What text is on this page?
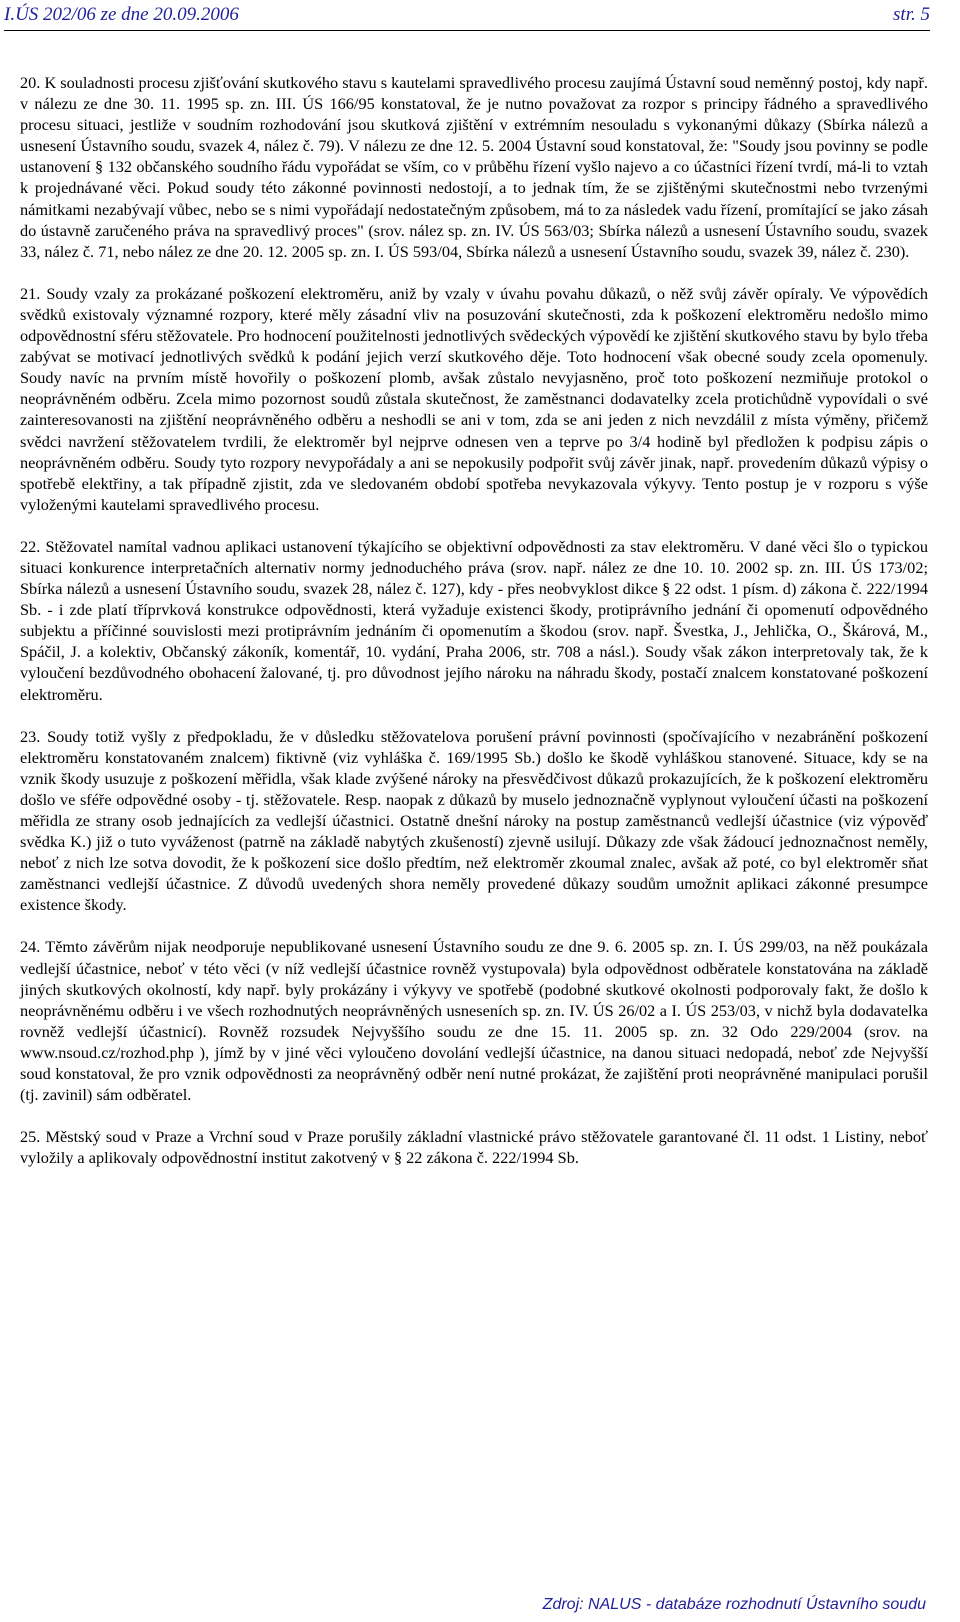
I.ÚS 202/06 ze dne 20.09.2006	str. 5

20. K souladnosti procesu zjišťování skutkového stavu s kautelami spravedlivého procesu zaujímá Ústavní soud neměnný postoj, kdy např. v nálezu ze dne 30. 11. 1995 sp. zn. III. ÚS 166/95 konstatoval, že je nutno považovat za rozpor s principy řádného a spravedlivého procesu situaci, jestliže v soudním rozhodování jsou skutková zjištění v extrémním nesouladu s vykonanými důkazy (Sbírka nálezů a usnesení Ústavního soudu, svazek 4, nález č. 79). V nálezu ze dne 12. 5. 2004 Ústavní soud konstatoval, že: "Soudy jsou povinny se podle ustanovení § 132 občanského soudního řádu vypořádat se vším, co v průběhu řízení vyšlo najevo a co účastníci řízení tvrdí, má-li to vztah k projednávané věci. Pokud soudy této zákonné povinnosti nedostojí, a to jednak tím, že se zjištěnými skutečnostmi nebo tvrzenými námitkami nezabývají vůbec, nebo se s nimi vypořádají nedostatečným způsobem, má to za následek vadu řízení, promítající se jako zásah do ústavně zaručeného práva na spravedlivý proces" (srov. nález sp. zn. IV. ÚS 563/03; Sbírka nálezů a usnesení Ústavního soudu, svazek 33, nález č. 71, nebo nález ze dne 20. 12. 2005 sp. zn. I. ÚS 593/04, Sbírka nálezů a usnesení Ústavního soudu, svazek 39, nález č. 230).

21. Soudy vzaly za prokázané poškození elektroměru, aniž by vzaly v úvahu povahu důkazů, o něž svůj závěr opíraly. Ve výpovědích svědků existovaly významné rozpory, které měly zásadní vliv na posuzování skutečnosti, zda k poškození elektroměru nedošlo mimo odpovědnostní sféru stěžovatele. Pro hodnocení použitelnosti jednotlivých svědeckých výpovědí ke zjištění skutkového stavu by bylo třeba zabývat se motivací jednotlivých svědků k podání jejich verzí skutkového děje. Toto hodnocení však obecné soudy zcela opomenuly. Soudy navíc na prvním místě hovořily o poškození plomb, avšak zůstalo nevyjasněno, proč toto poškození nezmiňuje protokol o neoprávněném odběru. Zcela mimo pozornost soudů zůstala skutečnost, že zaměstnanci dodavatelky zcela protichůdně vypovídali o své zainteresovanosti na zjištění neoprávněného odběru a neshodli se ani v tom, zda se ani jeden z nich nevzdálil z místa výměny, přičemž svědci navržení stěžovatelem tvrdili, že elektroměr byl nejprve odnesen ven a teprve po 3/4 hodině byl předložen k podpisu zápis o neoprávněném odběru. Soudy tyto rozpory nevypořádaly a ani se nepokusily podpořit svůj závěr jinak, např. provedením důkazů výpisy o spotřebě elektřiny, a tak případně zjistit, zda ve sledovaném období spotřeba nevykazovala výkyvy. Tento postup je v rozporu s výše vyloženými kautelami spravedlivého procesu.

22. Stěžovatel namítal vadnou aplikaci ustanovení týkajícího se objektivní odpovědnosti za stav elektroměru. V dané věci šlo o typickou situaci konkurence interpretačních alternativ normy jednoduchého práva (srov. např. nález ze dne 10. 10. 2002 sp. zn. III. ÚS 173/02; Sbírka nálezů a usnesení Ústavního soudu, svazek 28, nález č. 127), kdy - přes neobvyklost dikce § 22 odst. 1 písm. d) zákona č. 222/1994 Sb. - i zde platí tříprvková konstrukce odpovědnosti, která vyžaduje existenci škody, protiprávního jednání či opomenutí odpovědného subjektu a příčinné souvislosti mezi protiprávním jednáním či opomenutím a škodou (srov. např. Švestka, J., Jehlička, O., Škárová, M., Spáčil, J. a kolektiv, Občanský zákoník, komentář, 10. vydání, Praha 2006, str. 708 a násl.). Soudy však zákon interpretovaly tak, že k vyloučení bezdůvodného obohacení žalované, tj. pro důvodnost jejího nároku na náhradu škody, postačí znalcem konstatované poškození elektroměru.

23. Soudy totiž vyšly z předpokladu, že v důsledku stěžovatelova porušení právní povinnosti (spočívajícího v nezabránění poškození elektroměru konstatovaném znalcem) fiktivně (viz vyhláška č. 169/1995 Sb.) došlo ke škodě vyhláškou stanovené. Situace, kdy se na vznik škody usuzuje z poškození měřidla, však klade zvýšené nároky na přesvědčivost důkazů prokazujících, že k poškození elektroměru došlo ve sféře odpovědné osoby - tj. stěžovatele. Resp. naopak z důkazů by muselo jednoznačně vyplynout vyloučení účasti na poškození měřidla ze strany osob jednajících za vedlejší účastnici. Ostatně dnešní nároky na postup zaměstnanců vedlejší účastnice (viz výpověď svědka K.) již o tuto vyváženost (patrně na základě nabytých zkušeností) zjevně usilují. Důkazy zde však žádoucí jednoznačnost neměly, neboť z nich lze sotva dovodit, že k poškození sice došlo předtím, než elektroměr zkoumal znalec, avšak až poté, co byl elektroměr sňat zaměstnanci vedlejší účastnice. Z důvodů uvedených shora neměly provedené důkazy soudům umožnit aplikaci zákonné presumpce existence škody.

24. Těmto závěrům nijak neodporuje nepublikované usnesení Ústavního soudu ze dne 9. 6. 2005 sp. zn. I. ÚS 299/03, na něž poukázala vedlejší účastnice, neboť v této věci (v níž vedlejší účastnice rovněž vystupovala) byla odpovědnost odběratele konstatována na základě jiných skutkových okolností, kdy např. byly prokázány i výkyvy ve spotřebě (podobné skutkové okolnosti podporovaly fakt, že došlo k neoprávněnému odběru i ve všech rozhodnutých neoprávněných usneseních sp. zn. IV. ÚS 26/02 a I. ÚS 253/03, v nichž byla dodavatelka rovněž vedlejší účastnicí). Rovněž rozsudek Nejvyššího soudu ze dne 15. 11. 2005 sp. zn. 32 Odo 229/2004 (srov. na www.nsoud.cz/rozhod.php ), jímž by v jiné věci vyloučeno dovolání vedlejší účastnice, na danou situaci nedopadá, neboť zde Nejvyšší soud konstatoval, že pro vznik odpovědnosti za neoprávněný odběr není nutné prokázat, že zajištění proti neoprávněné manipulaci porušil (tj. zavinil) sám odběratel.

25. Městský soud v Praze a Vrchní soud v Praze porušily základní vlastnické právo stěžovatele garantované čl. 11 odst. 1 Listiny, neboť vyložily a aplikovaly odpovědnostní institut zakotvený v § 22 zákona č. 222/1994 Sb.

Zdroj: NALUS - databáze rozhodnutí Ústavního soudu
